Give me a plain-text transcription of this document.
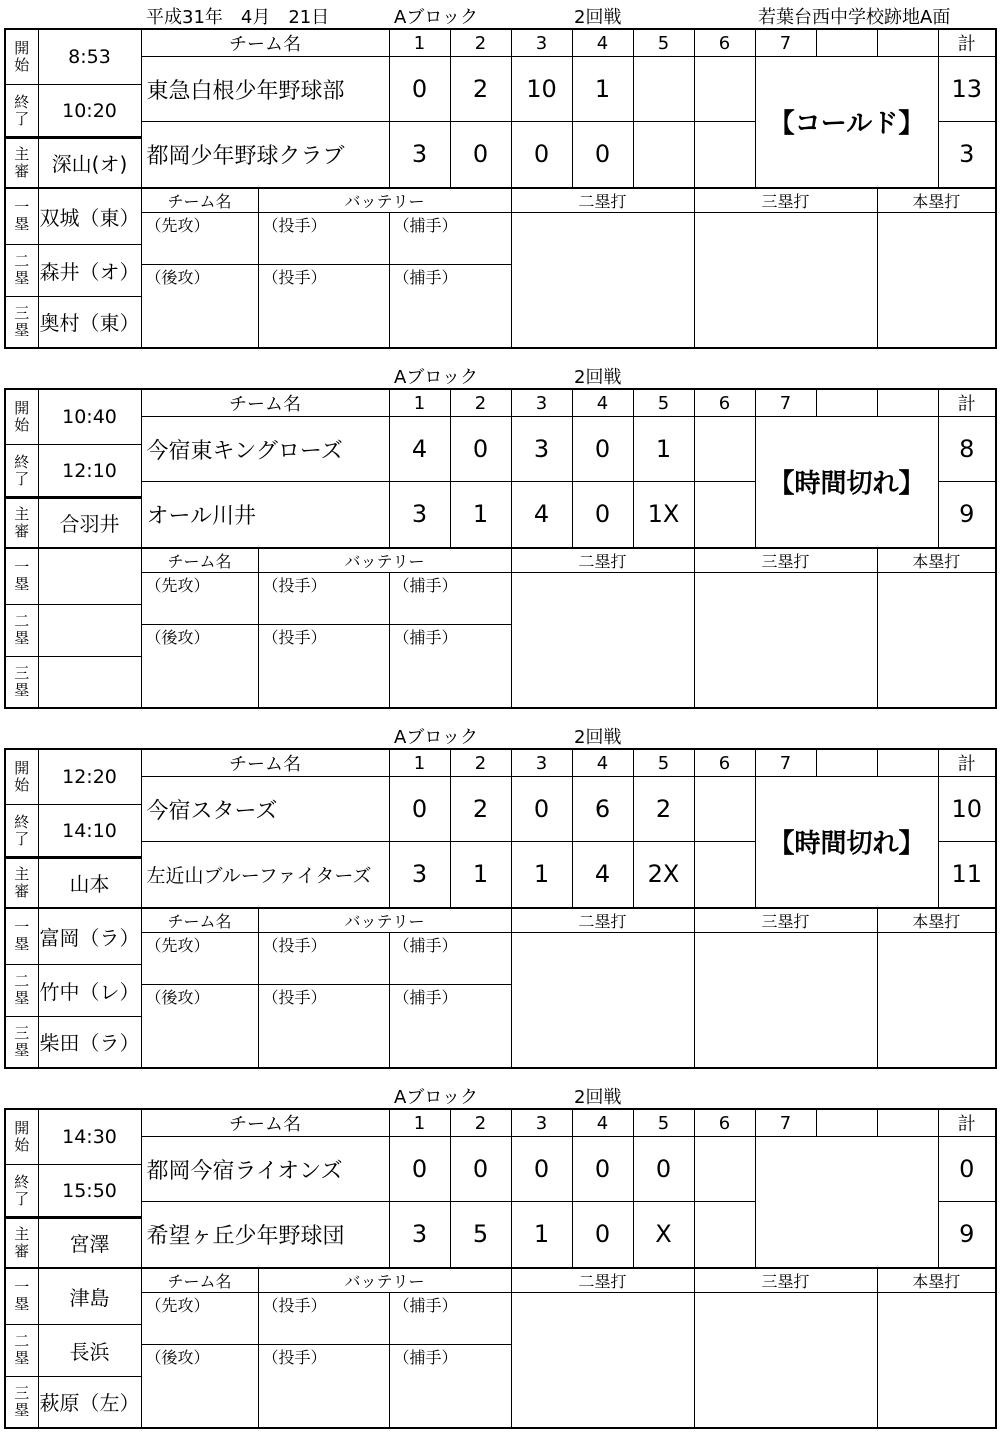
平成31年　4月　21日	Aブロック	2回戦	若葉台西中学校跡地A面
開始	8:53	チーム名		1	2	3	4	5	6	7			計
		東急白根少年野球部		0	2	10	1			【コールド】			13
終了	10:20												
		都岡少年野球クラブ		3	0	0	0						3
主審	深山(オ)												
一塁	双城（東）	チーム名	バッテリー			二塁打			三塁打			本塁打	
		（先攻）	（投手）	（捕手）									
二塁	森井（オ）												
		（後攻）	（投手）	（捕手）									
三塁	奥村（東）												
Aブロック	2回戦
開始	10:40	チーム名		1	2	3	4	5	6	7			計
		今宿東キングローズ		4	0	3	0	1		【時間切れ】			8
終了	12:10												
		オール川井		3	1	4	0	1X					9
主審	合羽井												
一塁		チーム名	バッテリー			二塁打			三塁打			本塁打	
		（先攻）	（投手）	（捕手）									
二塁													
		（後攻）	（投手）	（捕手）									
三塁													
Aブロック	2回戦
開始	12:20	チーム名		1	2	3	4	5	6	7			計
		今宿スターズ		0	2	0	6	2		【時間切れ】			10
終了	14:10												
		左近山ブルーファイターズ		3	1	1	4	2X					11
主審	山本												
一塁	富岡（ラ）	チーム名	バッテリー			二塁打			三塁打			本塁打	
		（先攻）	（投手）	（捕手）									
二塁	竹中（レ）												
		（後攻）	（投手）	（捕手）									
三塁	柴田（ラ）												
Aブロック	2回戦
開始	14:30	チーム名		1	2	3	4	5	6	7			計
		都岡今宿ライオンズ		0	0	0	0	0					0
終了	15:50												
		希望ヶ丘少年野球団		3	5	1	0	X					9
主審	宮澤												
一塁	津島	チーム名	バッテリー			二塁打			三塁打			本塁打	
		（先攻）	（投手）	（捕手）									
二塁	長浜												
		（後攻）	（投手）	（捕手）									
三塁	萩原（左）												
